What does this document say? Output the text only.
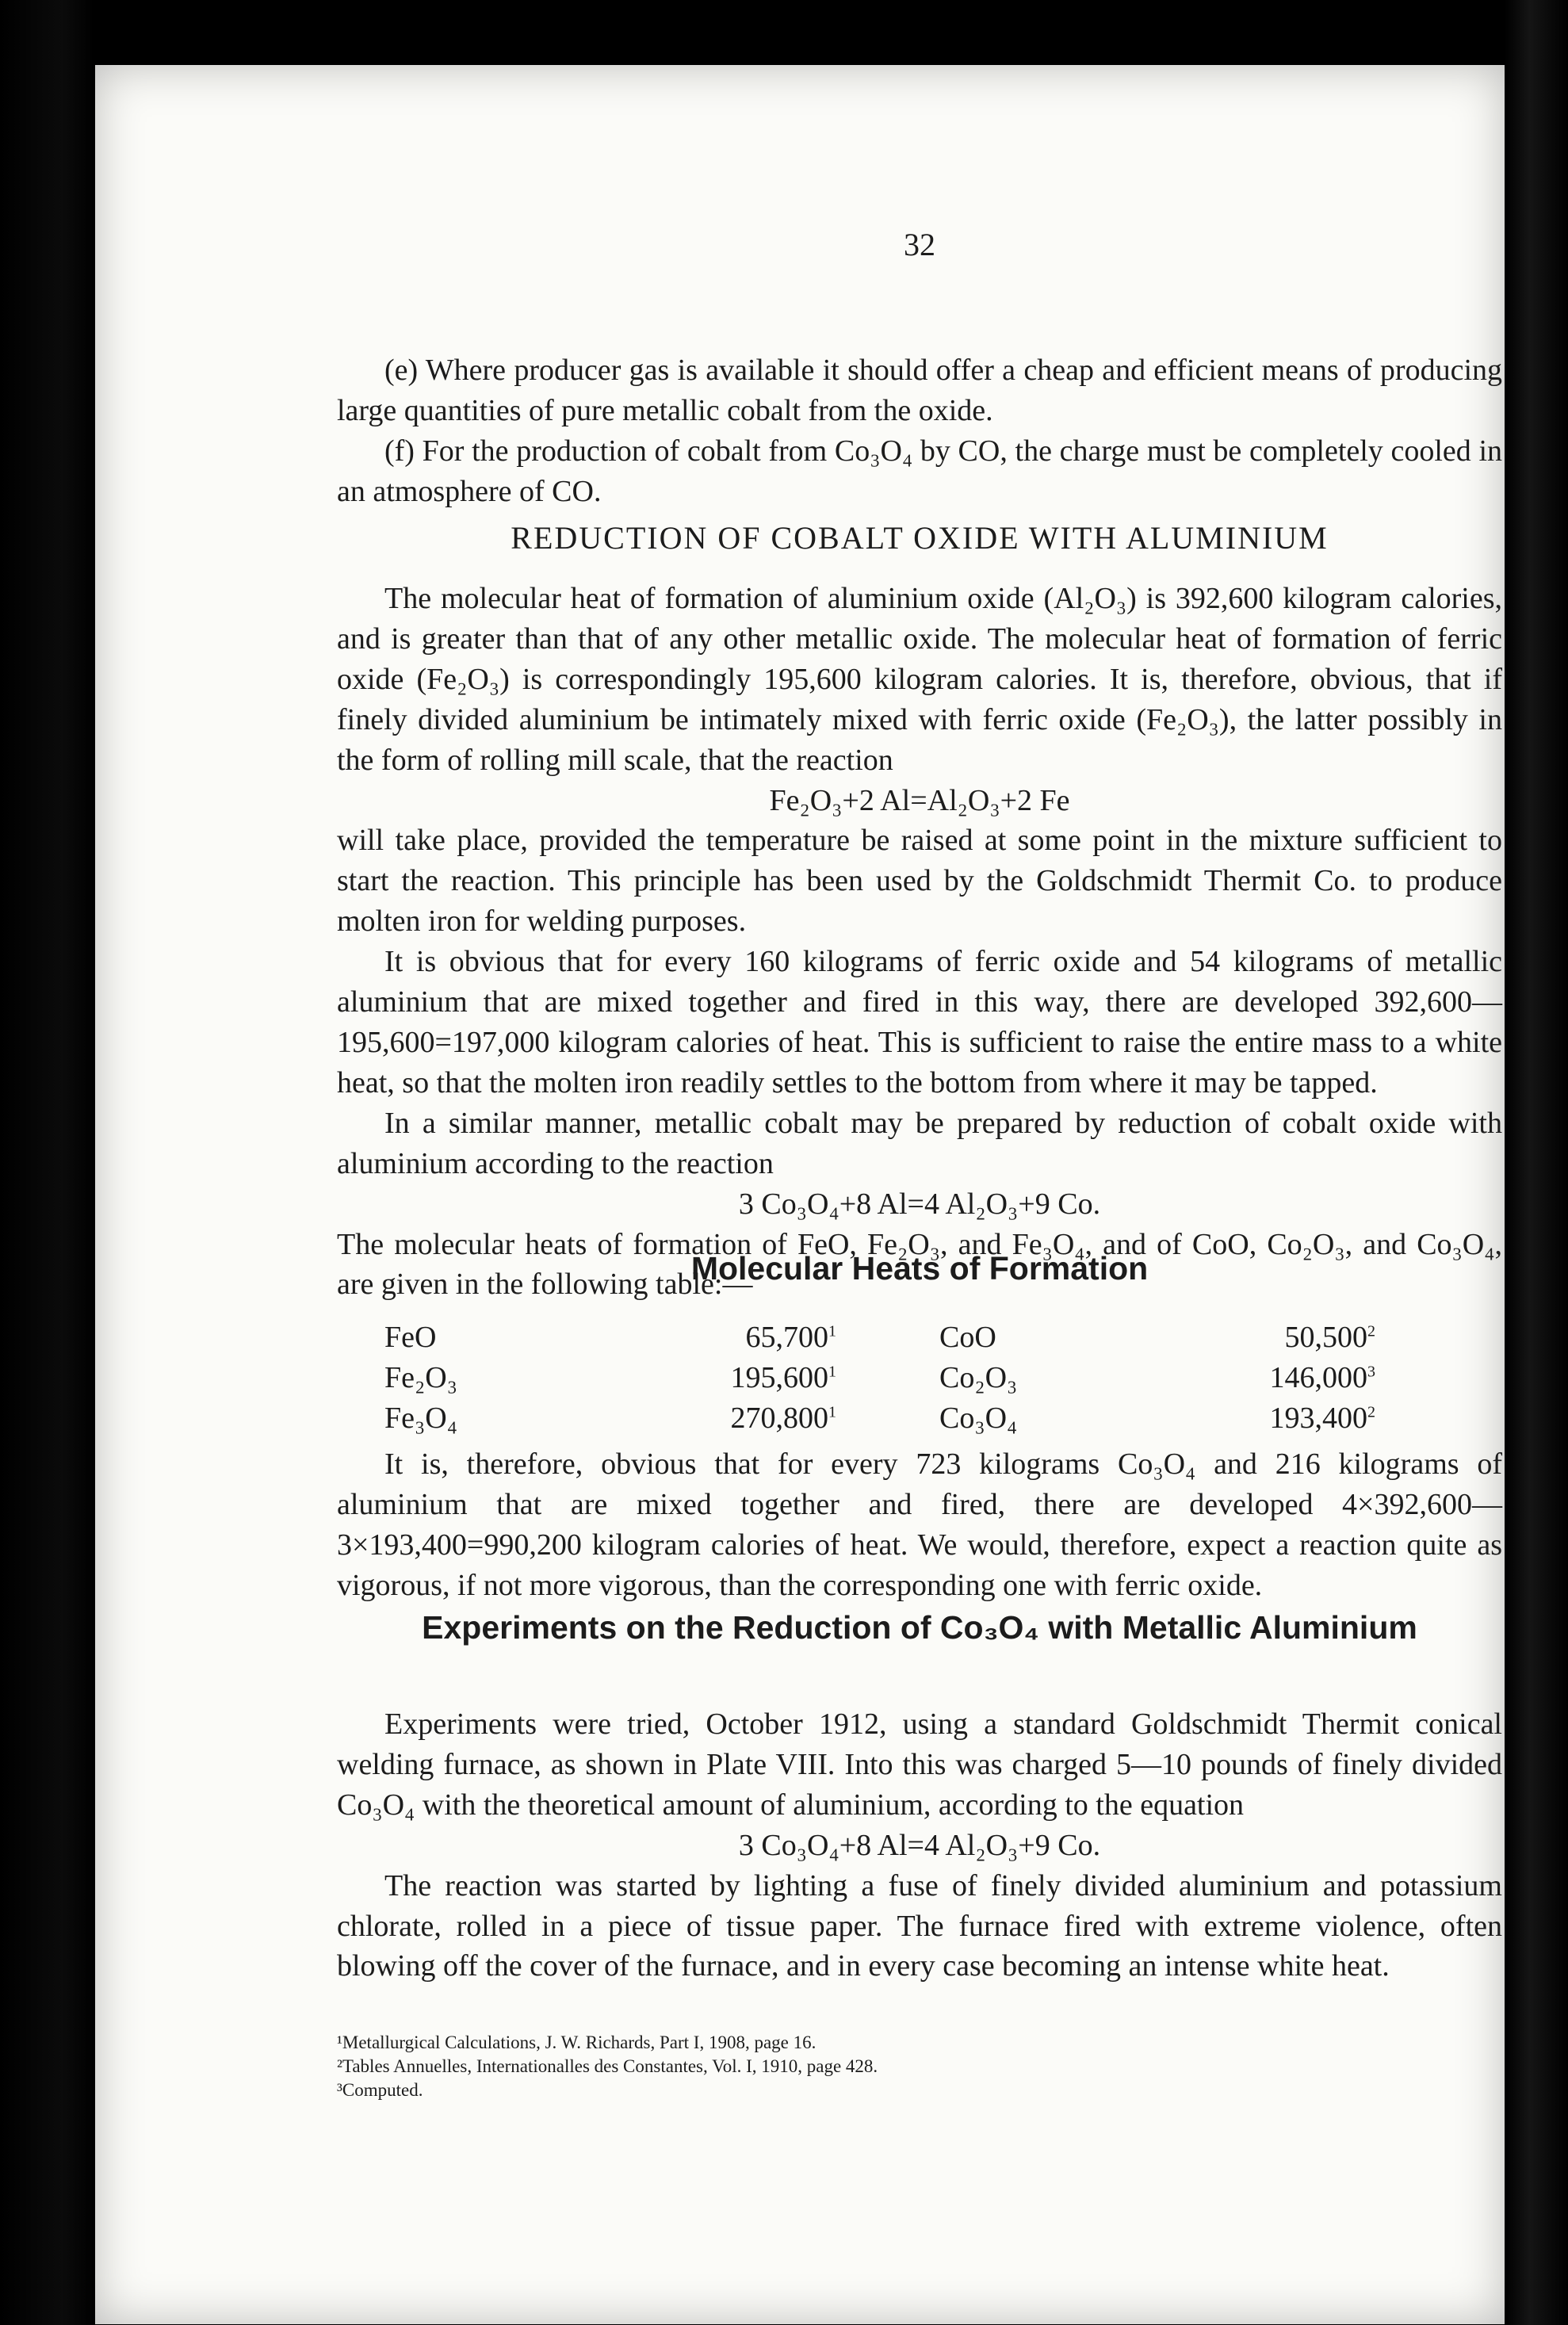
32

(e) Where producer gas is available it should offer a cheap and efficient means of producing large quantities of pure metallic cobalt from the oxide.

(f) For the production of cobalt from Co₃O₄ by CO, the charge must be completely cooled in an atmosphere of CO.

REDUCTION OF COBALT OXIDE WITH ALUMINIUM

The molecular heat of formation of aluminium oxide (Al₂O₃) is 392,600 kilogram calories, and is greater than that of any other metallic oxide. The molecular heat of formation of ferric oxide (Fe₂O₃) is correspondingly 195,600 kilogram calories. It is, therefore, obvious, that if finely divided aluminium be intimately mixed with ferric oxide (Fe₂O₃), the latter possibly in the form of rolling mill scale, that the reaction

Fe₂O₃+2 Al=Al₂O₃+2 Fe

will take place, provided the temperature be raised at some point in the mixture sufficient to start the reaction. This principle has been used by the Goldschmidt Thermit Co. to produce molten iron for welding purposes.

It is obvious that for every 160 kilograms of ferric oxide and 54 kilograms of metallic aluminium that are mixed together and fired in this way, there are developed 392,600—195,600=197,000 kilogram calories of heat. This is sufficient to raise the entire mass to a white heat, so that the molten iron readily settles to the bottom from where it may be tapped.

In a similar manner, metallic cobalt may be prepared by reduction of cobalt oxide with aluminium according to the reaction

3 Co₃O₄+8 Al=4 Al₂O₃+9 Co.

The molecular heats of formation of FeO, Fe₂O₃, and Fe₃O₄, and of CoO, Co₂O₃, and Co₃O₄, are given in the following table:—

Molecular Heats of Formation
FeO	65,700$^1$	CoO	50,500$^2$
Fe₂O₃	195,600$^1$	Co₂O₃	146,000$^3$
Fe₃O₄	270,800$^1$	Co₃O₄	193,400$^2$

It is, therefore, obvious that for every 723 kilograms Co₃O₄ and 216 kilograms of aluminium that are mixed together and fired, there are developed 4×392,600—3×193,400=990,200 kilogram calories of heat. We would, therefore, expect a reaction quite as vigorous, if not more vigorous, than the corresponding one with ferric oxide.

Experiments on the Reduction of Co₃O₄ with Metallic Aluminium

Experiments were tried, October 1912, using a standard Goldschmidt Thermit conical welding furnace, as shown in Plate VIII. Into this was charged 5—10 pounds of finely divided Co₃O₄ with the theoretical amount of aluminium, according to the equation

3 Co₃O₄+8 Al=4 Al₂O₃+9 Co.

The reaction was started by lighting a fuse of finely divided aluminium and potassium chlorate, rolled in a piece of tissue paper. The furnace fired with extreme violence, often blowing off the cover of the furnace, and in every case becoming an intense white heat.

¹Metallurgical Calculations, J. W. Richards, Part I, 1908, page 16.
²Tables Annuelles, Internationalles des Constantes, Vol. I, 1910, page 428.
³Computed.
